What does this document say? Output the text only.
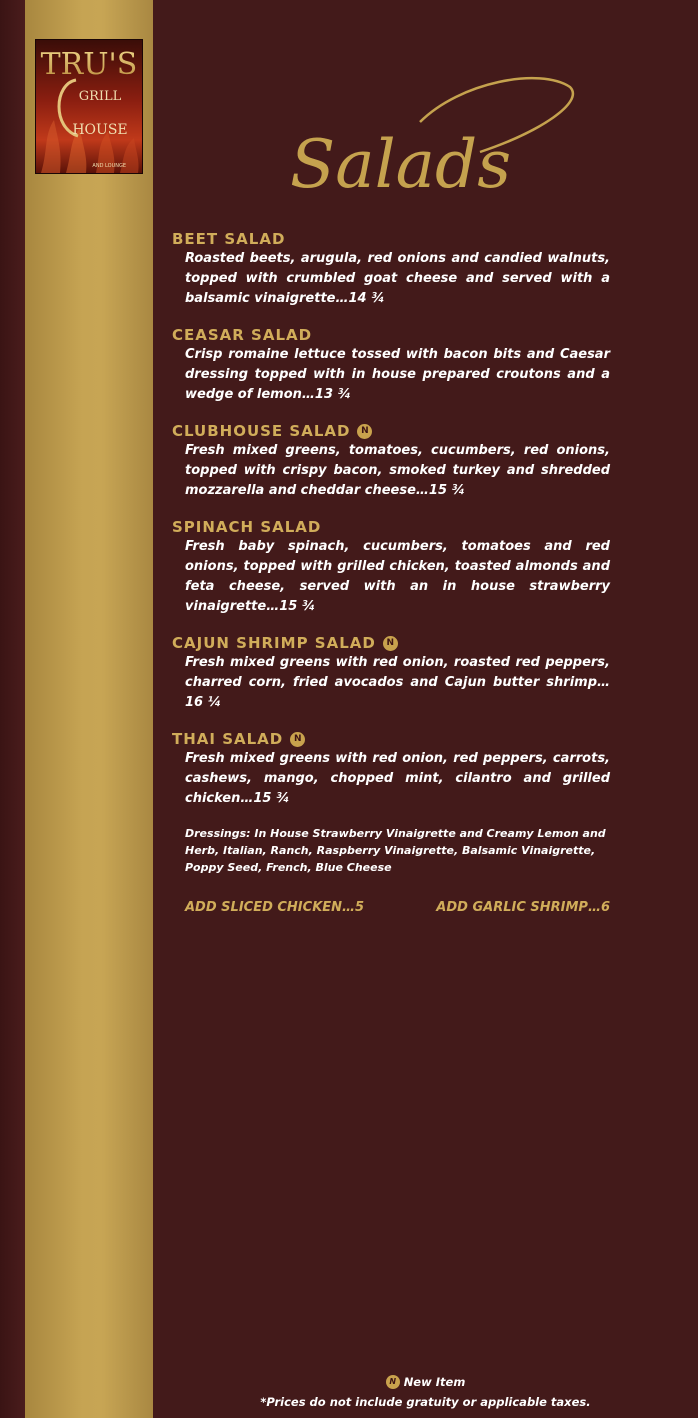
TRU'S
GRILL
HOUSE
AND LOUNGE Salads
BEET SALAD
Roasted beets, arugula, red onions and candied walnuts, topped with crumbled goat cheese and served with a balsamic vinaigrette…14 ¾
CEASAR SALAD
Crisp romaine lettuce tossed with bacon bits and Caesar dressing topped with in house prepared croutons and a wedge of lemon…13 ¾
CLUBHOUSE SALAD	N
Fresh mixed greens, tomatoes, cucumbers, red onions, topped with crispy bacon, smoked turkey and shredded mozzarella and cheddar cheese…15 ¾
SPINACH SALAD
Fresh baby spinach, cucumbers, tomatoes and red onions, topped with grilled chicken, toasted almonds and feta cheese, served with an in house strawberry vinaigrette…15 ¾
CAJUN SHRIMP SALAD	N
Fresh mixed greens with red onion, roasted red peppers, charred corn, fried avocados and Cajun butter shrimp…16 ¼
THAI SALAD	N
Fresh mixed greens with red onion, red peppers, carrots, cashews, mango, chopped mint, cilantro and grilled chicken…15 ¾
Dressings: In House Strawberry Vinaigrette and Creamy Lemon and Herb, Italian, Ranch, Raspberry Vinaigrette, Balsamic Vinaigrette, Poppy Seed, French, Blue Cheese
ADD SLICED CHICKEN…5	ADD GARLIC SHRIMP…6
N New Item
*Prices do not include gratuity or applicable taxes.
